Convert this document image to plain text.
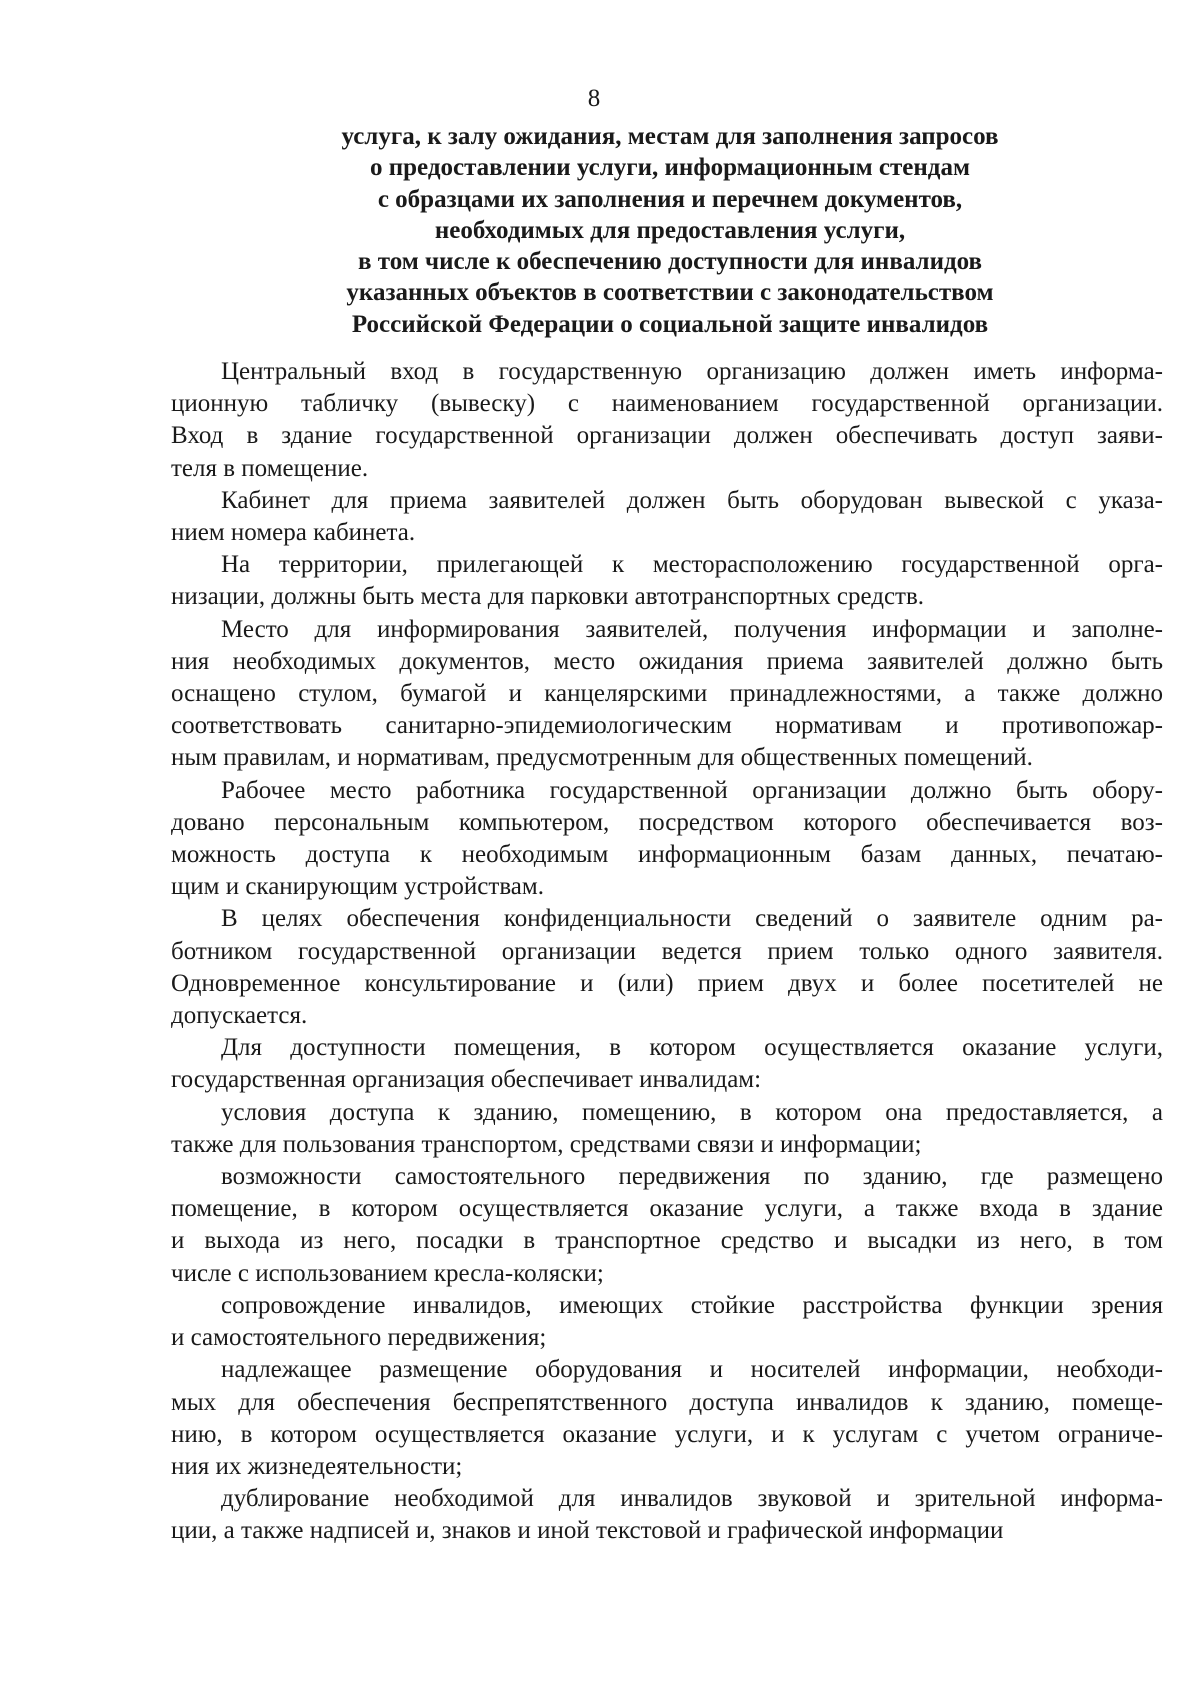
8
услуга, к залу ожидания, местам для заполнения запросов
о предоставлении услуги, информационным стендам
с образцами их заполнения и перечнем документов,
необходимых для предоставления услуги,
в том числе к обеспечению доступности для инвалидов
указанных объектов в соответствии с законодательством
Российской Федерации о социальной защите инвалидов
Центральный вход в государственную организацию должен иметь информа-
ционную табличку (вывеску) с наименованием государственной организации.
Вход в здание государственной организации должен обеспечивать доступ заяви-
теля в помещение.
Кабинет для приема заявителей должен быть оборудован вывеской с указа-
нием номера кабинета.
На территории, прилегающей к месторасположению государственной орга-
низации, должны быть места для парковки автотранспортных средств.
Место для информирования заявителей, получения информации и заполне-
ния необходимых документов, место ожидания приема заявителей должно быть
оснащено стулом, бумагой и канцелярскими принадлежностями, а также должно
соответствовать санитарно-эпидемиологическим нормативам и противопожар-
ным правилам, и нормативам, предусмотренным для общественных помещений.
Рабочее место работника государственной организации должно быть обору-
довано персональным компьютером, посредством которого обеспечивается воз-
можность доступа к необходимым информационным базам данных, печатаю-
щим и сканирующим устройствам.
В целях обеспечения конфиденциальности сведений о заявителе одним ра-
ботником государственной организации ведется прием только одного заявителя.
Одновременное консультирование и (или) прием двух и более посетителей не
допускается.
Для доступности помещения, в котором осуществляется оказание услуги,
государственная организация обеспечивает инвалидам:
условия доступа к зданию, помещению, в котором она предоставляется, а
также для пользования транспортом, средствами связи и информации;
возможности самостоятельного передвижения по зданию, где размещено
помещение, в котором осуществляется оказание услуги, а также входа в здание
и выхода из него, посадки в транспортное средство и высадки из него, в том
числе с использованием кресла-коляски;
сопровождение инвалидов, имеющих стойкие расстройства функции зрения
и самостоятельного передвижения;
надлежащее размещение оборудования и носителей информации, необходи-
мых для обеспечения беспрепятственного доступа инвалидов к зданию, помеще-
нию, в котором осуществляется оказание услуги, и к услугам с учетом ограниче-
ния их жизнедеятельности;
дублирование необходимой для инвалидов звуковой и зрительной информа-
ции, а также надписей и, знаков и иной текстовой и графической информации
